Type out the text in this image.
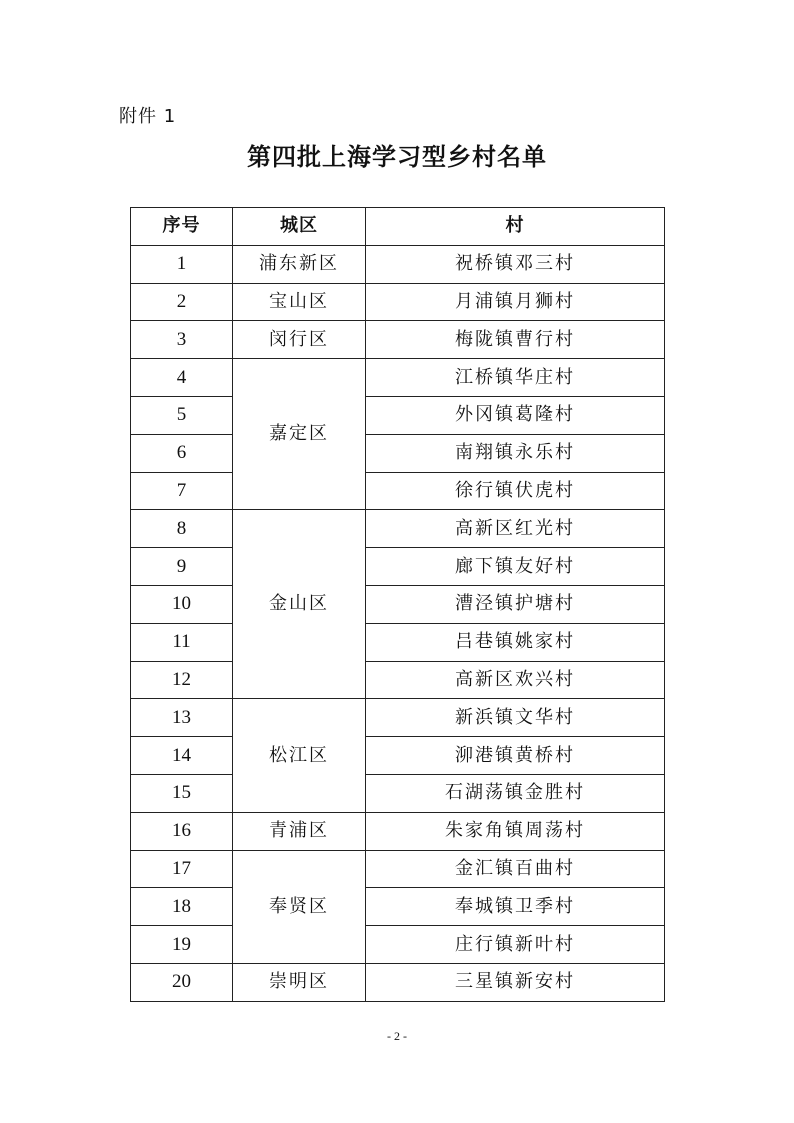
附件 1
第四批上海学习型乡村名单
序号	城区	村
1	浦东新区	祝桥镇邓三村
2	宝山区	月浦镇月狮村
3	闵行区	梅陇镇曹行村
4	嘉定区	江桥镇华庄村
5		外冈镇葛隆村
6		南翔镇永乐村
7		徐行镇伏虎村
8	金山区	高新区红光村
9		廊下镇友好村
10		漕泾镇护塘村
11		吕巷镇姚家村
12		高新区欢兴村
13	松江区	新浜镇文华村
14		泖港镇黄桥村
15		石湖荡镇金胜村
16	青浦区	朱家角镇周荡村
17	奉贤区	金汇镇百曲村
18		奉城镇卫季村
19		庄行镇新叶村
20	崇明区	三星镇新安村
- 2 -
